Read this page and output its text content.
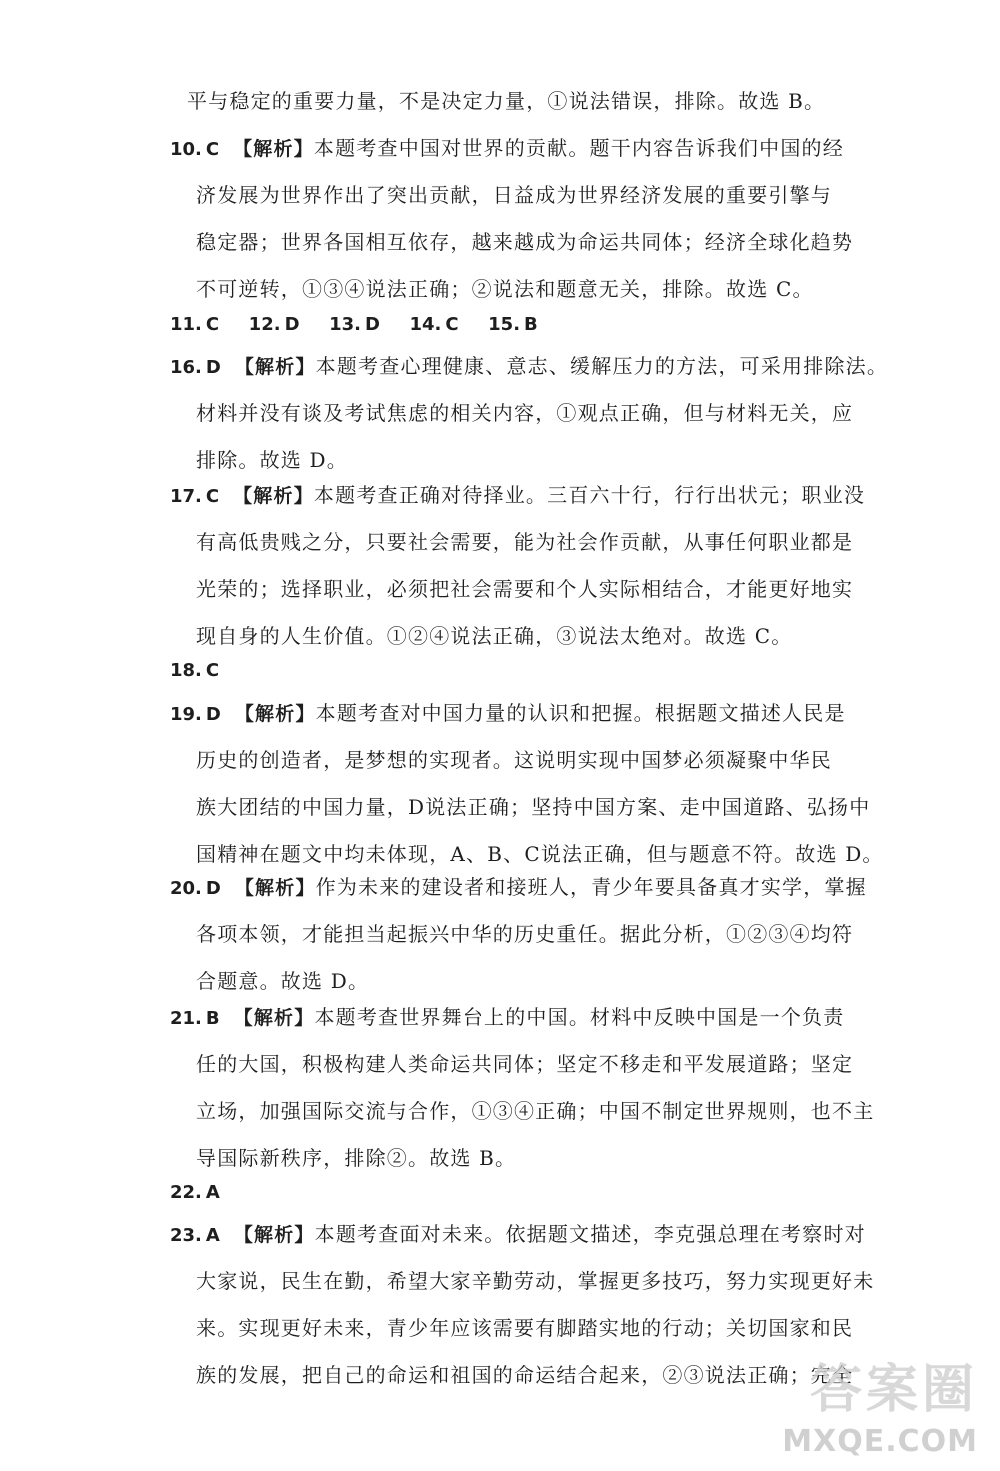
平与稳定的重要力量，不是决定力量，①说法错误，排除。故选 B。
10. C 【解析】本题考查中国对世界的贡献。题干内容告诉我们中国的经
济发展为世界作出了突出贡献，日益成为世界经济发展的重要引擎与
稳定器；世界各国相互依存，越来越成为命运共同体；经济全球化趋势
不可逆转，①③④说法正确；②说法和题意无关，排除。故选 C。
11. C 12. D 13. D 14. C 15. B
16. D 【解析】本题考查心理健康、意志、缓解压力的方法，可采用排除法。
材料并没有谈及考试焦虑的相关内容，①观点正确，但与材料无关，应
排除。故选 D。
17. C 【解析】本题考查正确对待择业。三百六十行，行行出状元；职业没
有高低贵贱之分，只要社会需要，能为社会作贡献，从事任何职业都是
光荣的；选择职业，必须把社会需要和个人实际相结合，才能更好地实
现自身的人生价值。①②④说法正确，③说法太绝对。故选 C。
18. C
19. D 【解析】本题考查对中国力量的认识和把握。根据题文描述人民是
历史的创造者，是梦想的实现者。这说明实现中国梦必须凝聚中华民
族大团结的中国力量，D说法正确；坚持中国方案、走中国道路、弘扬中
国精神在题文中均未体现，A、B、C说法正确，但与题意不符。故选 D。
20. D 【解析】作为未来的建设者和接班人，青少年要具备真才实学，掌握
各项本领，才能担当起振兴中华的历史重任。据此分析，①②③④均符
合题意。故选 D。
21. B 【解析】本题考查世界舞台上的中国。材料中反映中国是一个负责
任的大国，积极构建人类命运共同体；坚定不移走和平发展道路；坚定
立场，加强国际交流与合作，①③④正确；中国不制定世界规则，也不主
导国际新秩序，排除②。故选 B。
22. A
23. A 【解析】本题考查面对未来。依据题文描述，李克强总理在考察时对
大家说，民生在勤，希望大家辛勤劳动，掌握更多技巧，努力实现更好未
来。实现更好未来，青少年应该需要有脚踏实地的行动；关切国家和民
族的发展，把自己的命运和祖国的命运结合起来，②③说法正确；完全
答案圈
MXQE.COM
